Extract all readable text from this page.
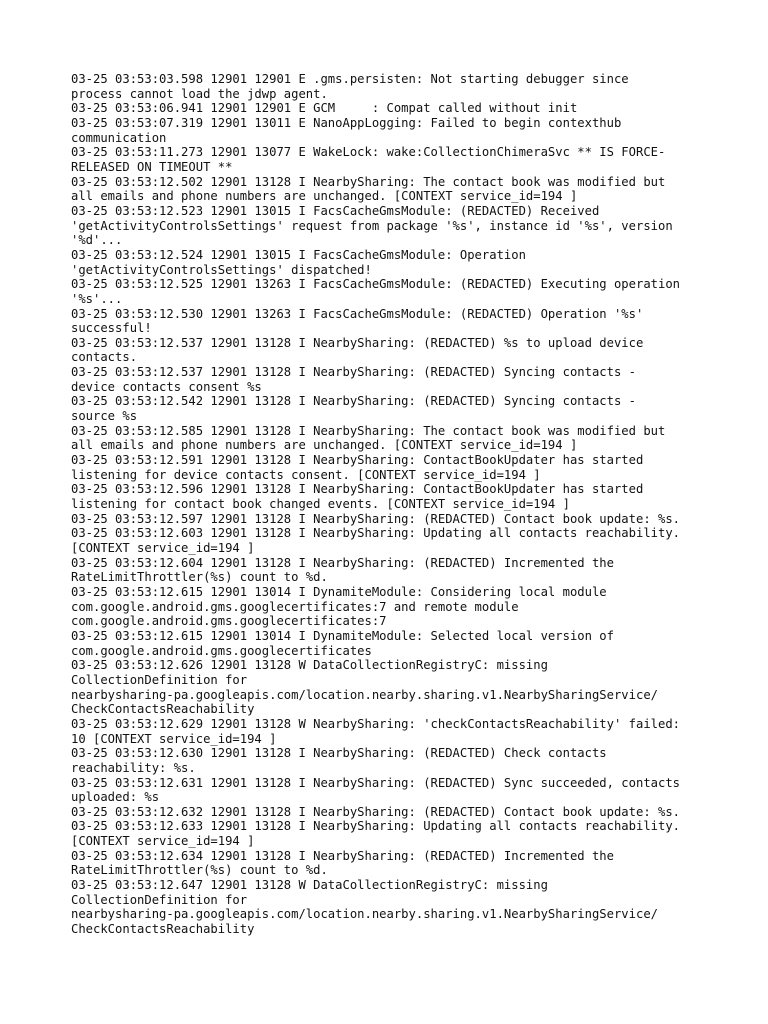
03-25 03:53:03.598 12901 12901 E .gms.persisten: Not starting debugger since
process cannot load the jdwp agent.
03-25 03:53:06.941 12901 12901 E GCM     : Compat called without init
03-25 03:53:07.319 12901 13011 E NanoAppLogging: Failed to begin contexthub
communication
03-25 03:53:11.273 12901 13077 E WakeLock: wake:CollectionChimeraSvc ** IS FORCE-
RELEASED ON TIMEOUT **
03-25 03:53:12.502 12901 13128 I NearbySharing: The contact book was modified but
all emails and phone numbers are unchanged. [CONTEXT service_id=194 ]
03-25 03:53:12.523 12901 13015 I FacsCacheGmsModule: (REDACTED) Received
'getActivityControlsSettings' request from package '%s', instance id '%s', version
'%d'...
03-25 03:53:12.524 12901 13015 I FacsCacheGmsModule: Operation
'getActivityControlsSettings' dispatched!
03-25 03:53:12.525 12901 13263 I FacsCacheGmsModule: (REDACTED) Executing operation
'%s'...
03-25 03:53:12.530 12901 13263 I FacsCacheGmsModule: (REDACTED) Operation '%s'
successful!
03-25 03:53:12.537 12901 13128 I NearbySharing: (REDACTED) %s to upload device
contacts.
03-25 03:53:12.537 12901 13128 I NearbySharing: (REDACTED) Syncing contacts -
device contacts consent %s
03-25 03:53:12.542 12901 13128 I NearbySharing: (REDACTED) Syncing contacts -
source %s
03-25 03:53:12.585 12901 13128 I NearbySharing: The contact book was modified but
all emails and phone numbers are unchanged. [CONTEXT service_id=194 ]
03-25 03:53:12.591 12901 13128 I NearbySharing: ContactBookUpdater has started
listening for device contacts consent. [CONTEXT service_id=194 ]
03-25 03:53:12.596 12901 13128 I NearbySharing: ContactBookUpdater has started
listening for contact book changed events. [CONTEXT service_id=194 ]
03-25 03:53:12.597 12901 13128 I NearbySharing: (REDACTED) Contact book update: %s.
03-25 03:53:12.603 12901 13128 I NearbySharing: Updating all contacts reachability.
[CONTEXT service_id=194 ]
03-25 03:53:12.604 12901 13128 I NearbySharing: (REDACTED) Incremented the
RateLimitThrottler(%s) count to %d.
03-25 03:53:12.615 12901 13014 I DynamiteModule: Considering local module
com.google.android.gms.googlecertificates:7 and remote module
com.google.android.gms.googlecertificates:7
03-25 03:53:12.615 12901 13014 I DynamiteModule: Selected local version of
com.google.android.gms.googlecertificates
03-25 03:53:12.626 12901 13128 W DataCollectionRegistryC: missing
CollectionDefinition for
nearbysharing-pa.googleapis.com/location.nearby.sharing.v1.NearbySharingService/
CheckContactsReachability
03-25 03:53:12.629 12901 13128 W NearbySharing: 'checkContactsReachability' failed:
10 [CONTEXT service_id=194 ]
03-25 03:53:12.630 12901 13128 I NearbySharing: (REDACTED) Check contacts
reachability: %s.
03-25 03:53:12.631 12901 13128 I NearbySharing: (REDACTED) Sync succeeded, contacts
uploaded: %s
03-25 03:53:12.632 12901 13128 I NearbySharing: (REDACTED) Contact book update: %s.
03-25 03:53:12.633 12901 13128 I NearbySharing: Updating all contacts reachability.
[CONTEXT service_id=194 ]
03-25 03:53:12.634 12901 13128 I NearbySharing: (REDACTED) Incremented the
RateLimitThrottler(%s) count to %d.
03-25 03:53:12.647 12901 13128 W DataCollectionRegistryC: missing
CollectionDefinition for
nearbysharing-pa.googleapis.com/location.nearby.sharing.v1.NearbySharingService/
CheckContactsReachability
